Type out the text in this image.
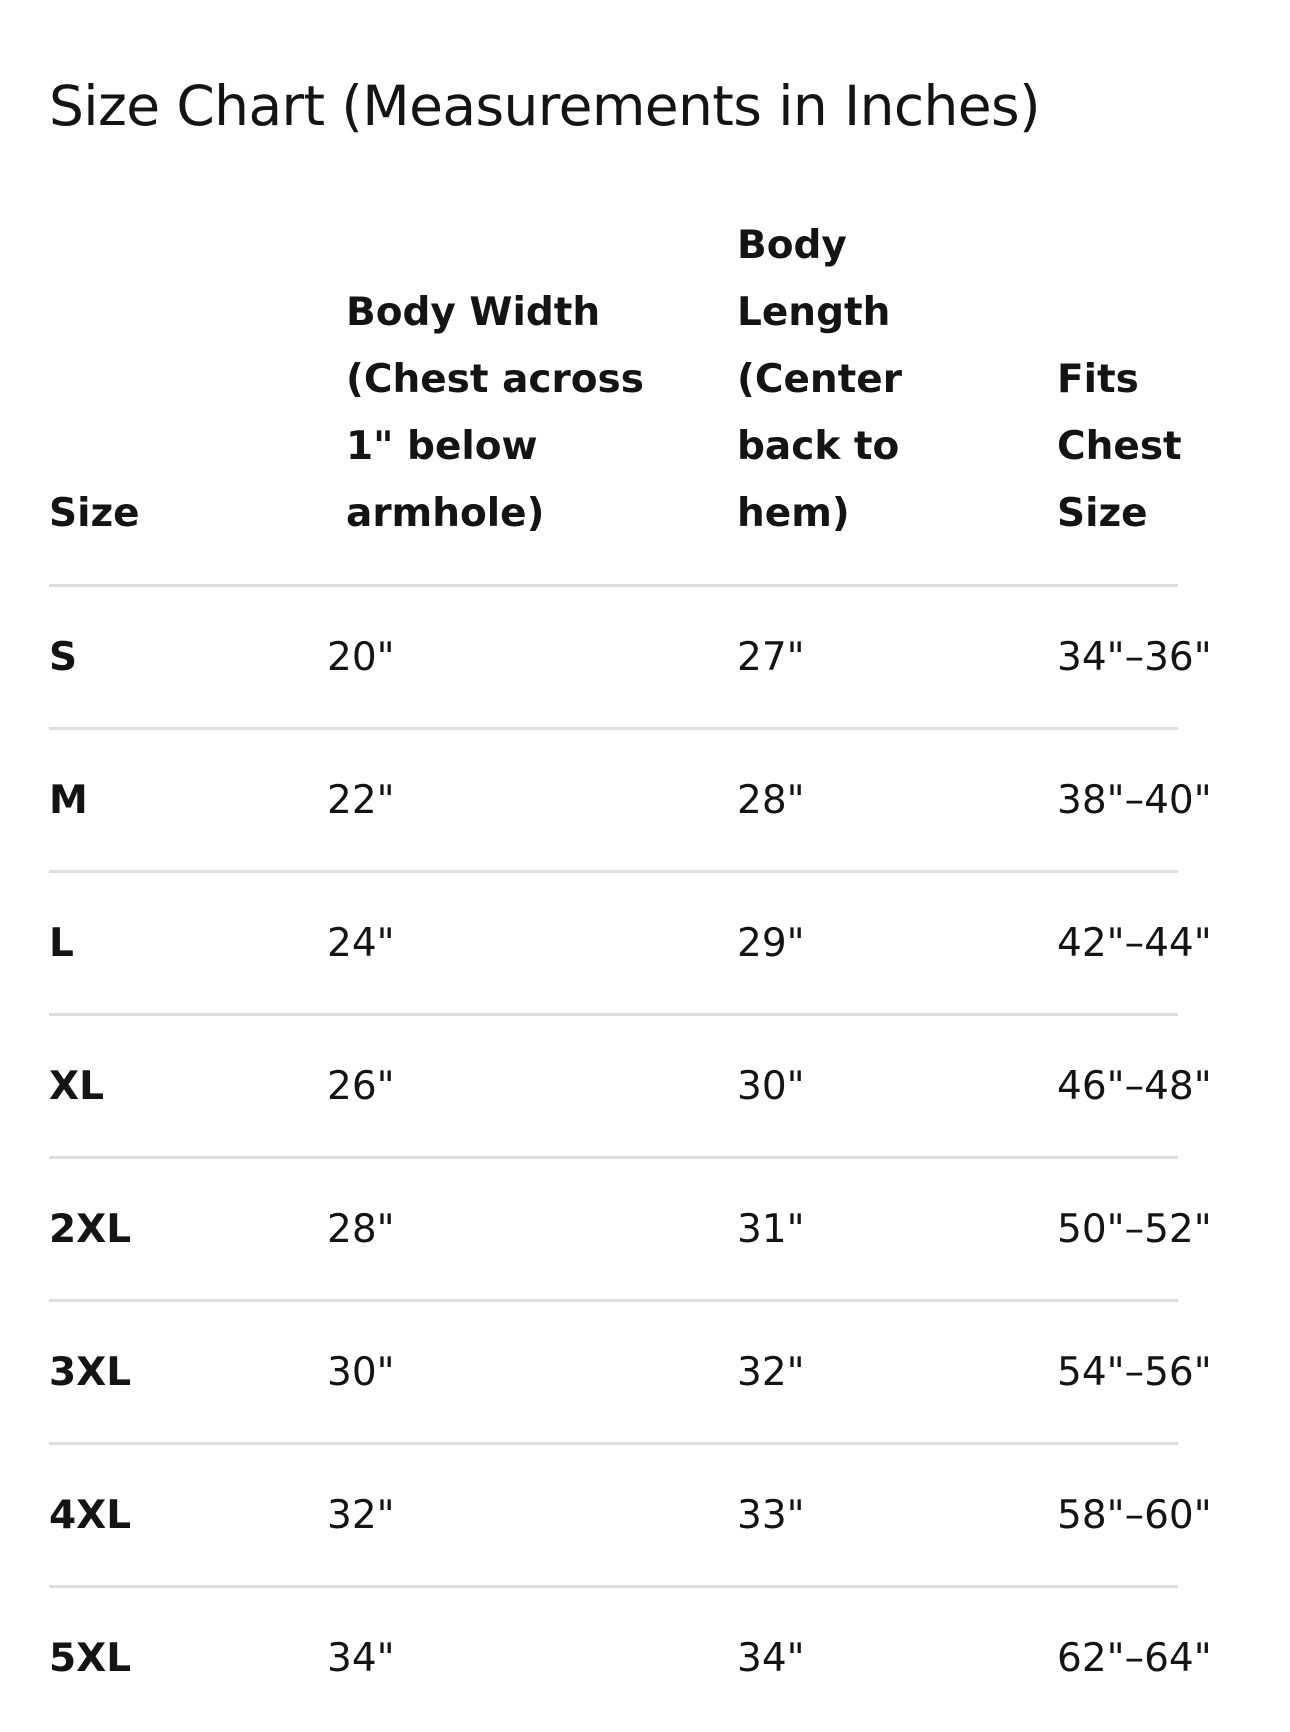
Size Chart (Measurements in Inches)
Size	Body Width (Chest across 1" below armhole)	Body Length (Center back to hem)	Fits Chest Size

S	20"	27"	34"–36"
M	22"	28"	38"–40"
L	24"	29"	42"–44"
XL	26"	30"	46"–48"
2XL	28"	31"	50"–52"
3XL	30"	32"	54"–56"
4XL	32"	33"	58"–60"
5XL	34"	34"	62"–64"
